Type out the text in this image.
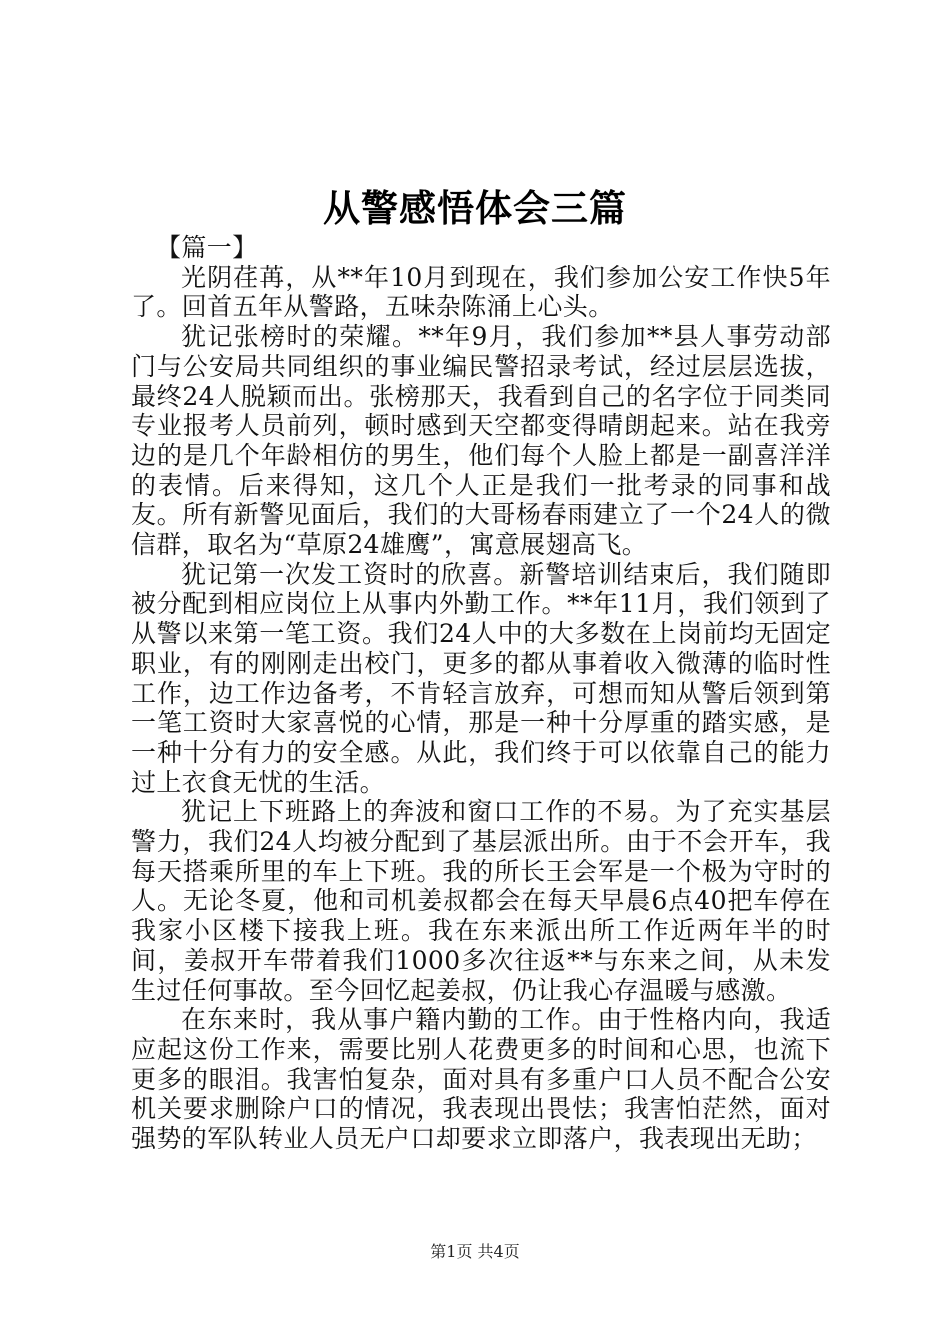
从警感悟体会三篇

【篇一】

光阴荏苒，从**年10月到现在，我们参加公安工作快5年了。回首五年从警路，五味杂陈涌上心头。

犹记张榜时的荣耀。**年9月，我们参加**县人事劳动部门与公安局共同组织的事业编民警招录考试，经过层层选拔，最终24人脱颖而出。张榜那天，我看到自己的名字位于同类同专业报考人员前列，顿时感到天空都变得晴朗起来。站在我旁边的是几个年龄相仿的男生，他们每个人脸上都是一副喜洋洋的表情。后来得知，这几个人正是我们一批考录的同事和战友。所有新警见面后，我们的大哥杨春雨建立了一个24人的微信群，取名为“草原24雄鹰”，寓意展翅高飞。

犹记第一次发工资时的欣喜。新警培训结束后，我们随即被分配到相应岗位上从事内外勤工作。**年11月，我们领到了从警以来第一笔工资。我们24人中的大多数在上岗前均无固定职业，有的刚刚走出校门，更多的都从事着收入微薄的临时性工作，边工作边备考，不肯轻言放弃，可想而知从警后领到第一笔工资时大家喜悦的心情，那是一种十分厚重的踏实感，是一种十分有力的安全感。从此，我们终于可以依靠自己的能力过上衣食无忧的生活。

犹记上下班路上的奔波和窗口工作的不易。为了充实基层警力，我们24人均被分配到了基层派出所。由于不会开车，我每天搭乘所里的车上下班。我的所长王会军是一个极为守时的人。无论冬夏，他和司机姜叔都会在每天早晨6点40把车停在我家小区楼下接我上班。我在东来派出所工作近两年半的时间，姜叔开车带着我们1000多次往返**与东来之间，从未发生过任何事故。至今回忆起姜叔，仍让我心存温暖与感激。

在东来时，我从事户籍内勤的工作。由于性格内向，我适应起这份工作来，需要比别人花费更多的时间和心思，也流下更多的眼泪。我害怕复杂，面对具有多重户口人员不配合公安机关要求删除户口的情况，我表现出畏怯；我害怕茫然，面对强势的军队转业人员无户口却要求立即落户，我表现出无助；

第1页 共4页
